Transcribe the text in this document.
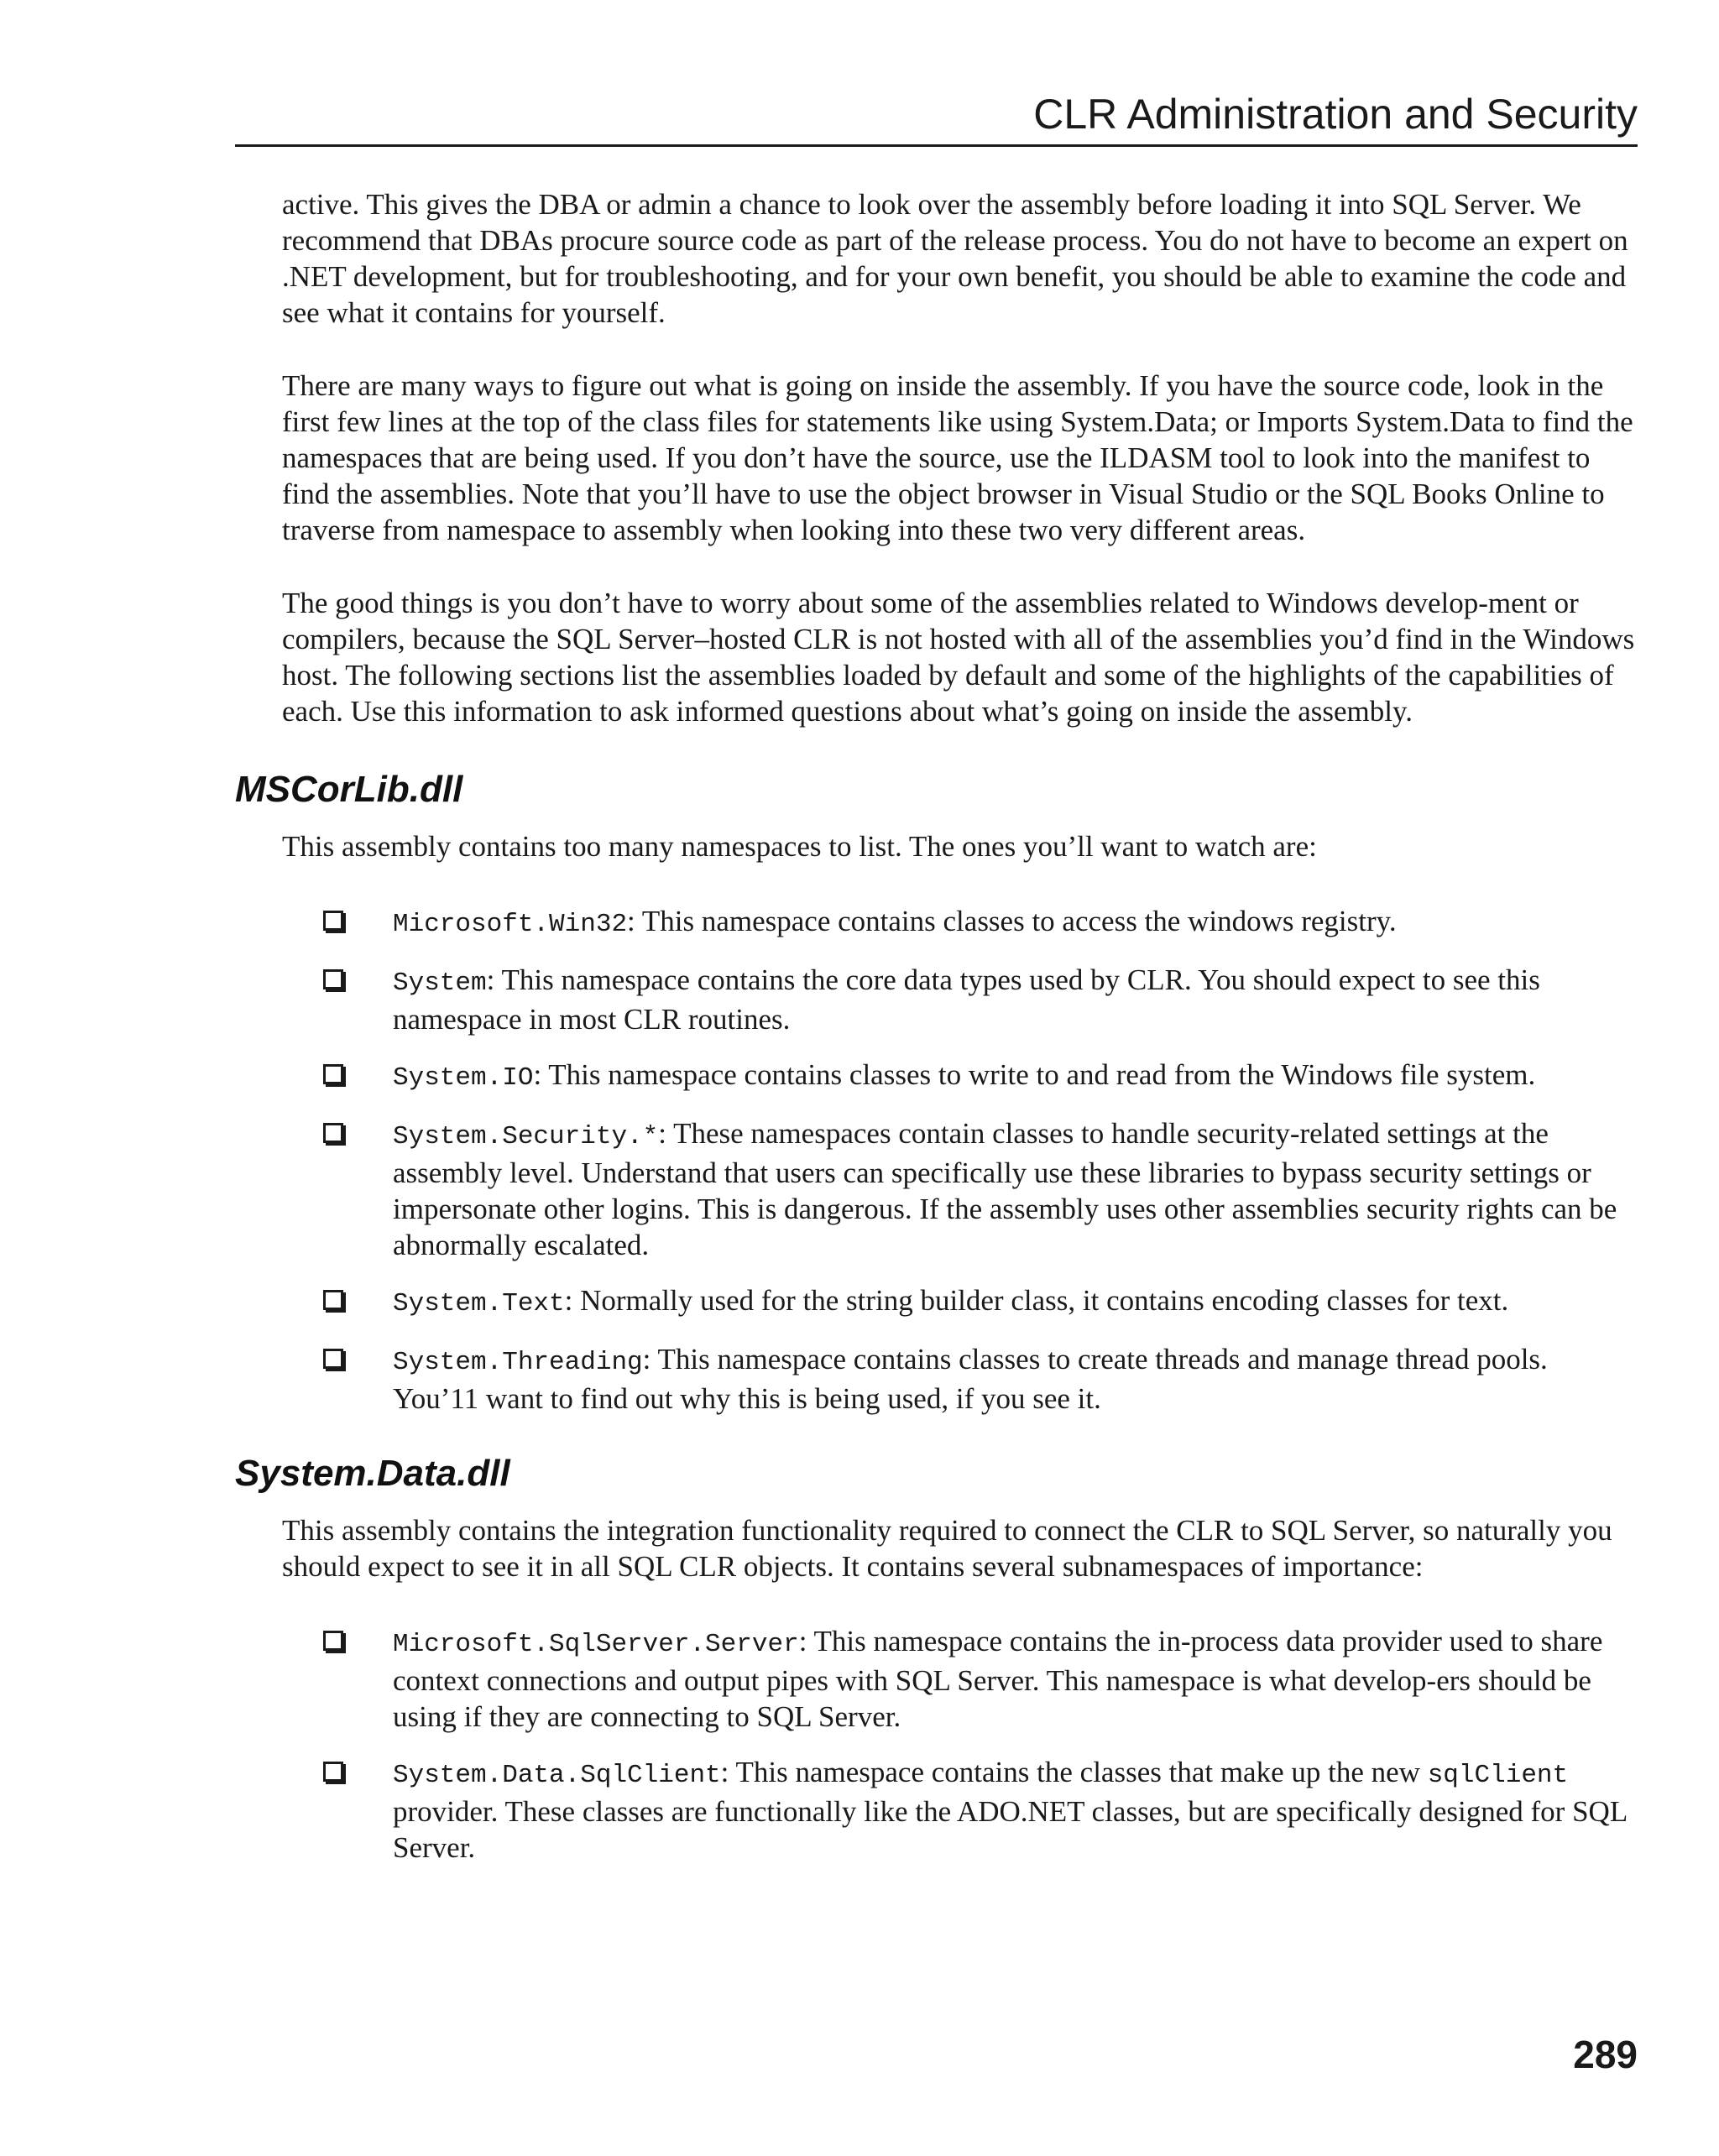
CLR Administration and Security

active. This gives the DBA or admin a chance to look over the assembly before loading it into SQL Server. We recommend that DBAs procure source code as part of the release process. You do not have to become an expert on .NET development, but for troubleshooting, and for your own benefit, you should be able to examine the code and see what it contains for yourself.

There are many ways to figure out what is going on inside the assembly. If you have the source code, look in the first few lines at the top of the class files for statements like using System.Data; or Imports System.Data to find the namespaces that are being used. If you don’t have the source, use the ILDASM tool to look into the manifest to find the assemblies. Note that you’ll have to use the object browser in Visual Studio or the SQL Books Online to traverse from namespace to assembly when looking into these two very different areas.

The good things is you don’t have to worry about some of the assemblies related to Windows develop-ment or compilers, because the SQL Server–hosted CLR is not hosted with all of the assemblies you’d find in the Windows host. The following sections list the assemblies loaded by default and some of the highlights of the capabilities of each. Use this information to ask informed questions about what’s going on inside the assembly.

MSCorLib.dll

This assembly contains too many namespaces to list. The ones you’ll want to watch are:

Microsoft.Win32: This namespace contains classes to access the windows registry.
System: This namespace contains the core data types used by CLR. You should expect to see this namespace in most CLR routines.
System.IO: This namespace contains classes to write to and read from the Windows file system.
System.Security.*: These namespaces contain classes to handle security-related settings at the assembly level. Understand that users can specifically use these libraries to bypass security settings or impersonate other logins. This is dangerous. If the assembly uses other assemblies security rights can be abnormally escalated.
System.Text: Normally used for the string builder class, it contains encoding classes for text.
System.Threading: This namespace contains classes to create threads and manage thread pools. You’11 want to find out why this is being used, if you see it.
System.Data.dll

This assembly contains the integration functionality required to connect the CLR to SQL Server, so naturally you should expect to see it in all SQL CLR objects. It contains several subnamespaces of importance:

Microsoft.SqlServer.Server: This namespace contains the in-process data provider used to share context connections and output pipes with SQL Server. This namespace is what develop-ers should be using if they are connecting to SQL Server.
System.Data.SqlClient: This namespace contains the classes that make up the new sqlClient provider. These classes are functionally like the ADO.NET classes, but are specifically designed for SQL Server.
289
